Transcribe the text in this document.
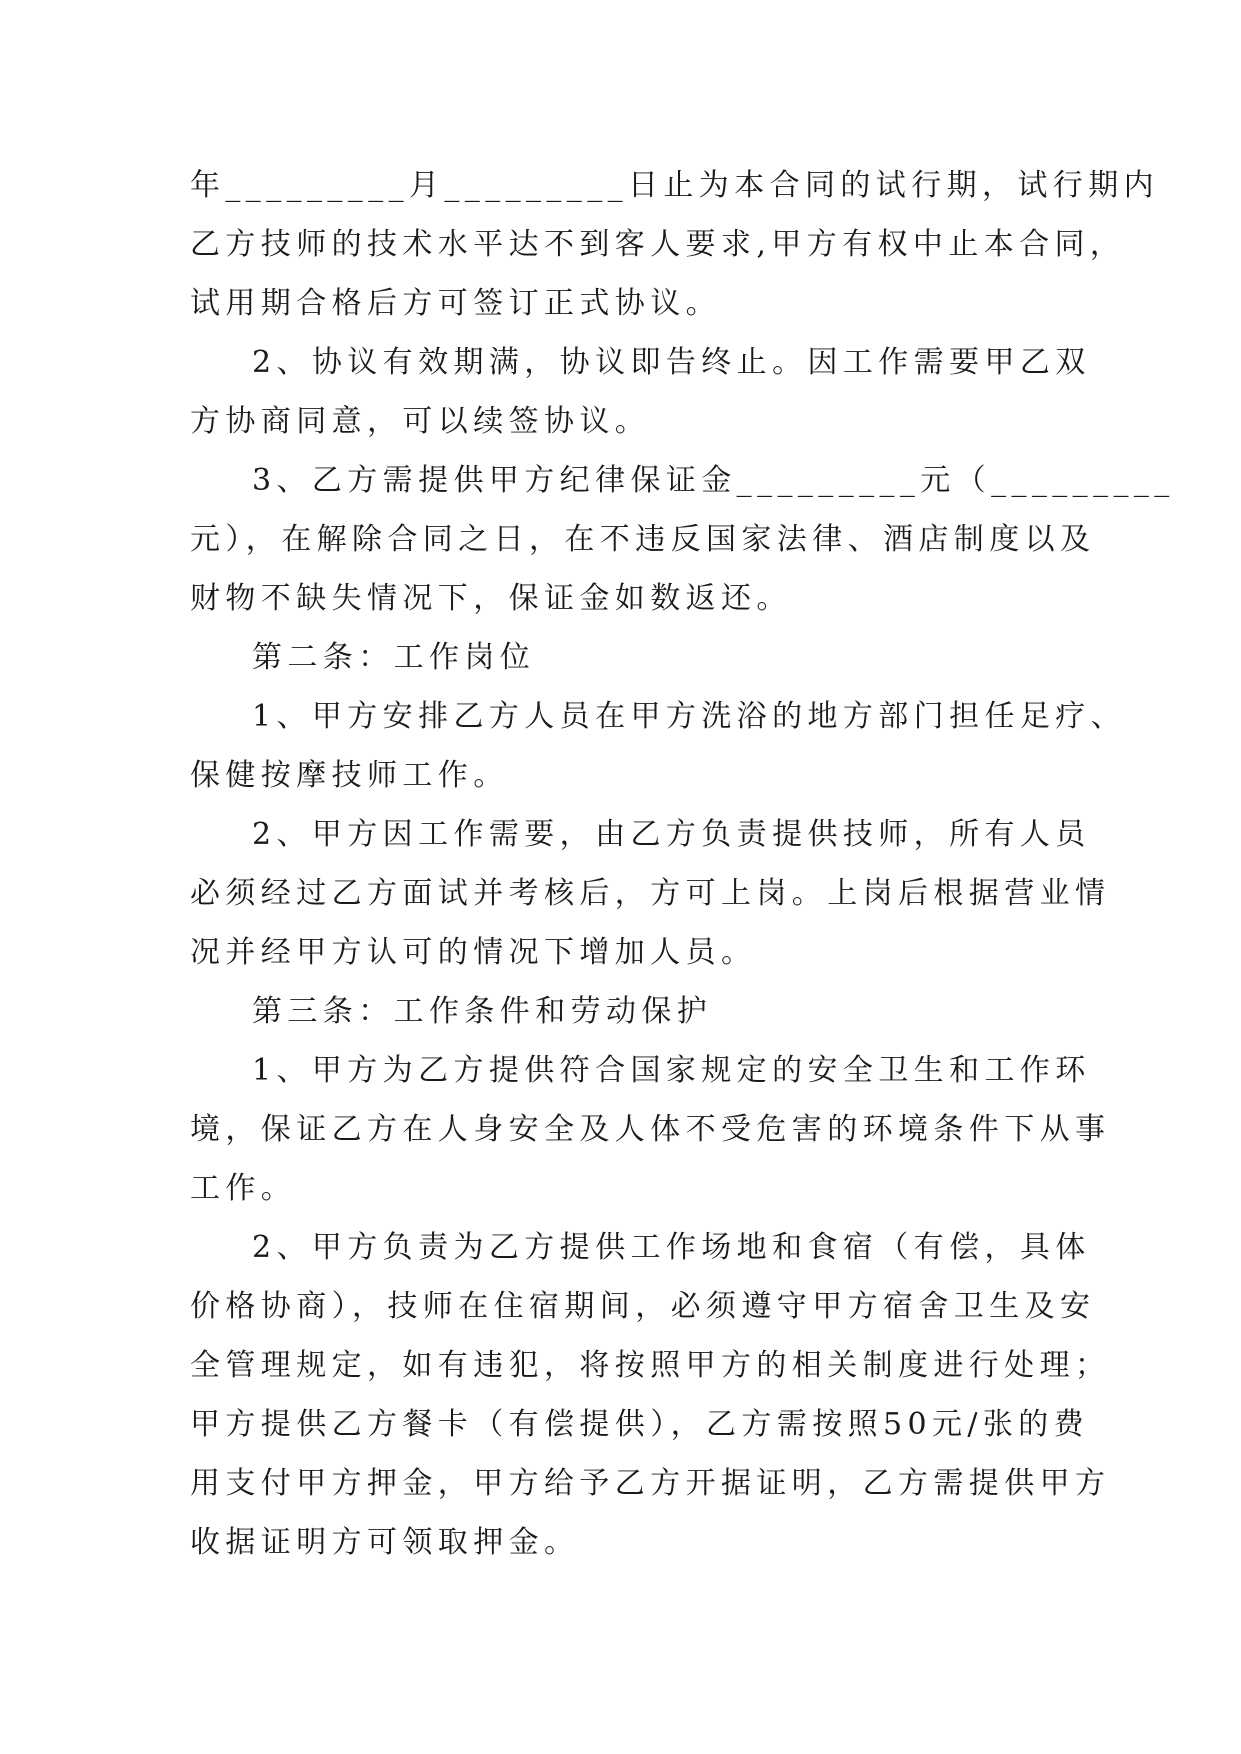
年_________月_________日止为本合同的试行期，试行期内
乙方技师的技术水平达不到客人要求,甲方有权中止本合同，
试用期合格后方可签订正式协议。
2、协议有效期满，协议即告终止。因工作需要甲乙双
方协商同意，可以续签协议。
3、乙方需提供甲方纪律保证金_________元（_________
元），在解除合同之日，在不违反国家法律、酒店制度以及
财物不缺失情况下，保证金如数返还。
第二条：工作岗位
1、甲方安排乙方人员在甲方洗浴的地方部门担任足疗、
保健按摩技师工作。
2、甲方因工作需要，由乙方负责提供技师，所有人员
必须经过乙方面试并考核后，方可上岗。上岗后根据营业情
况并经甲方认可的情况下增加人员。
第三条：工作条件和劳动保护
1、甲方为乙方提供符合国家规定的安全卫生和工作环
境，保证乙方在人身安全及人体不受危害的环境条件下从事
工作。
2、甲方负责为乙方提供工作场地和食宿（有偿，具体
价格协商），技师在住宿期间，必须遵守甲方宿舍卫生及安
全管理规定，如有违犯，将按照甲方的相关制度进行处理；
甲方提供乙方餐卡（有偿提供），乙方需按照50元/张的费
用支付甲方押金，甲方给予乙方开据证明，乙方需提供甲方
收据证明方可领取押金。
